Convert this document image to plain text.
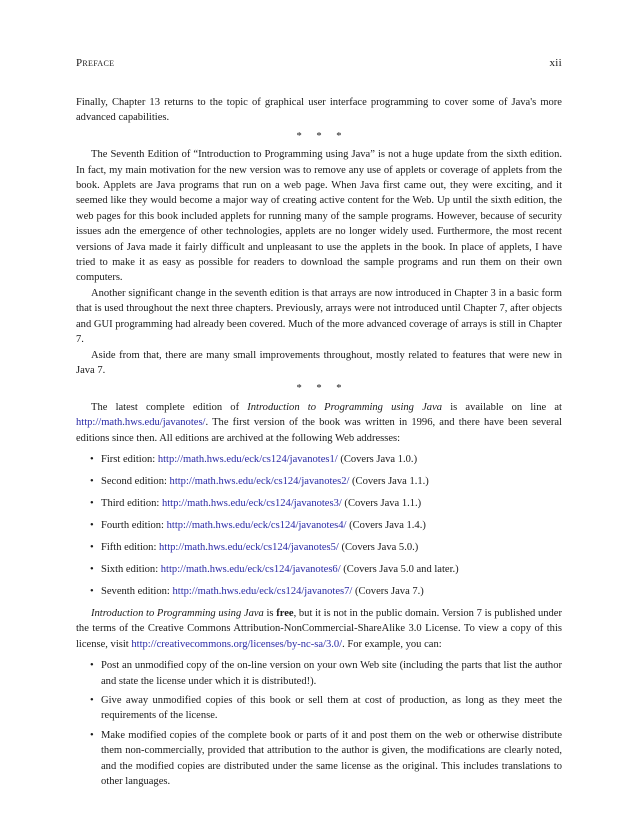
Preface	xii

Finally, Chapter 13 returns to the topic of graphical user interface programming to cover some of Java's more advanced capabilities.

* * *

The Seventh Edition of “Introduction to Programming using Java” is not a huge update from the sixth edition. In fact, my main motivation for the new version was to remove any use of applets or coverage of applets from the book. Applets are Java programs that run on a web page. When Java first came out, they were exciting, and it seemed like they would become a major way of creating active content for the Web. Up until the sixth edition, the web pages for this book included applets for running many of the sample programs. However, because of security issues adn the emergence of other technologies, applets are no longer widely used. Furthermore, the most recent versions of Java made it fairly difficult and unpleasant to use the applets in the book. In place of applets, I have tried to make it as easy as possible for readers to download the sample programs and run them on their own computers.

Another significant change in the seventh edition is that arrays are now introduced in Chapter 3 in a basic form that is used throughout the next three chapters. Previously, arrays were not introduced until Chapter 7, after objects and GUI programming had already been covered. Much of the more advanced coverage of arrays is still in Chapter 7.

Aside from that, there are many small improvements throughout, mostly related to features that were new in Java 7.

* * *

The latest complete edition of Introduction to Programming using Java is available on line at http://math.hws.edu/javanotes/. The first version of the book was written in 1996, and there have been several editions since then. All editions are archived at the following Web addresses:

• First edition: http://math.hws.edu/eck/cs124/javanotes1/ (Covers Java 1.0.)
• Second edition: http://math.hws.edu/eck/cs124/javanotes2/ (Covers Java 1.1.)
• Third edition: http://math.hws.edu/eck/cs124/javanotes3/ (Covers Java 1.1.)
• Fourth edition: http://math.hws.edu/eck/cs124/javanotes4/ (Covers Java 1.4.)
• Fifth edition: http://math.hws.edu/eck/cs124/javanotes5/ (Covers Java 5.0.)
• Sixth edition: http://math.hws.edu/eck/cs124/javanotes6/ (Covers Java 5.0 and later.)
• Seventh edition: http://math.hws.edu/eck/cs124/javanotes7/ (Covers Java 7.)

Introduction to Programming using Java is free, but it is not in the public domain. Version 7 is published under the terms of the Creative Commons Attribution-NonCommercial-ShareAlike 3.0 License. To view a copy of this license, visit http://creativecommons.org/licenses/by-nc-sa/3.0/. For example, you can:

• Post an unmodified copy of the on-line version on your own Web site (including the parts that list the author and state the license under which it is distributed!).
• Give away unmodified copies of this book or sell them at cost of production, as long as they meet the requirements of the license.
• Make modified copies of the complete book or parts of it and post them on the web or otherwise distribute them non-commercially, provided that attribution to the author is given, the modifications are clearly noted, and the modified copies are distributed under the same license as the original. This includes translations to other languages.
